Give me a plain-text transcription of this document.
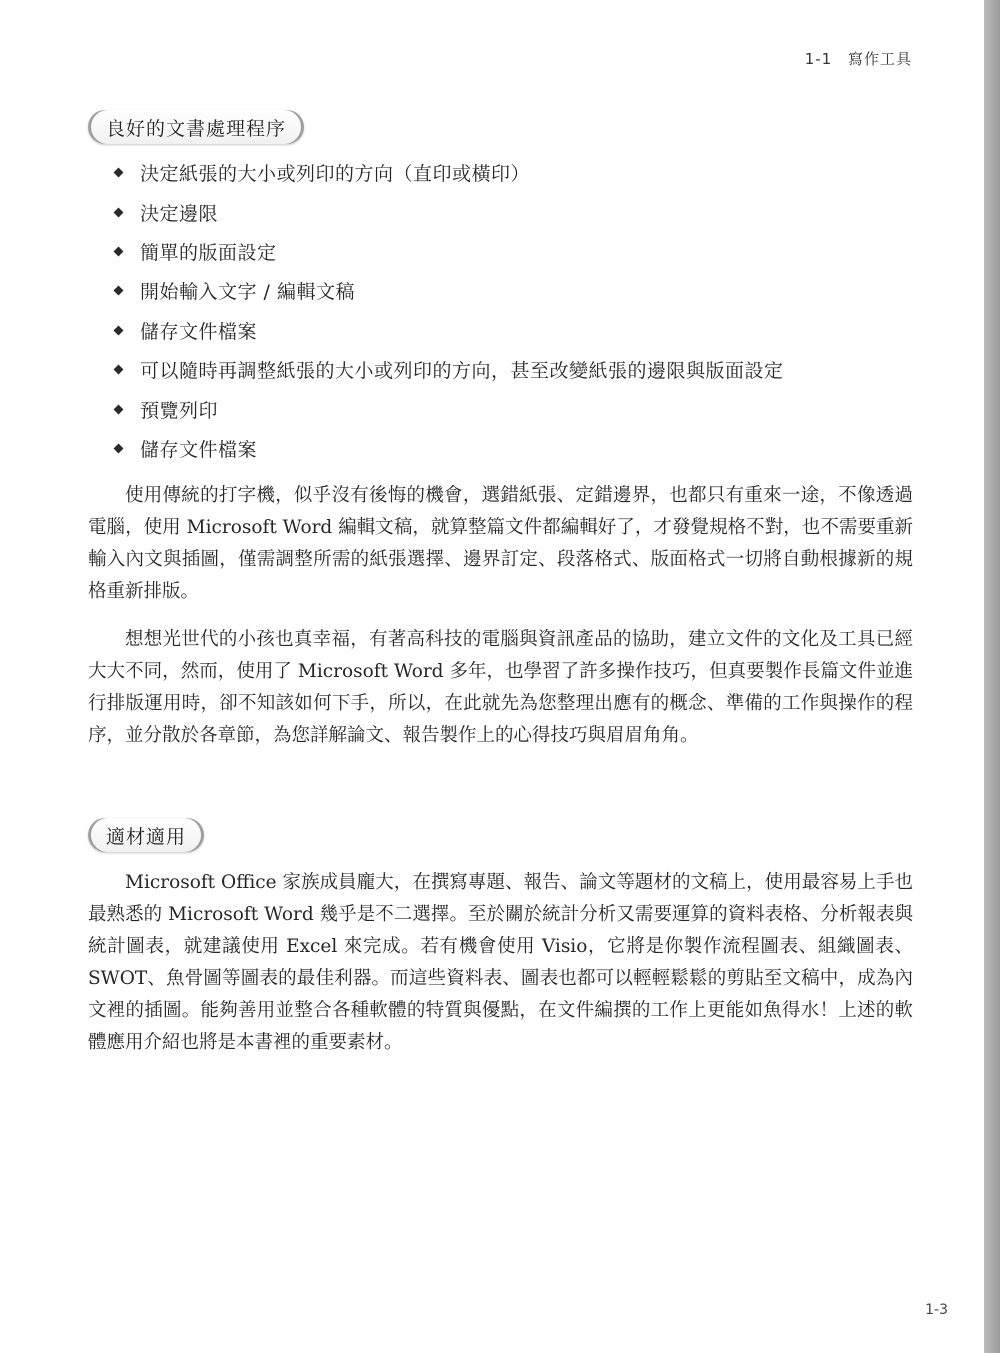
1-1 寫作工具
良好的文書處理程序
決定紙張的大小或列印的方向（直印或橫印）
決定邊限
簡單的版面設定
開始輸入文字 / 編輯文稿
儲存文件檔案
可以隨時再調整紙張的大小或列印的方向，甚至改變紙張的邊限與版面設定
預覽列印
儲存文件檔案

使用傳統的打字機，似乎沒有後悔的機會，選錯紙張、定錯邊界，也都只有重來一途，不像透過電腦，使用 Microsoft Word 編輯文稿，就算整篇文件都編輯好了，才發覺規格不對，也不需要重新輸入內文與插圖，僅需調整所需的紙張選擇、邊界訂定、段落格式、版面格式一切將自動根據新的規格重新排版。

想想光世代的小孩也真幸福，有著高科技的電腦與資訊產品的協助，建立文件的文化及工具已經大大不同，然而，使用了 Microsoft Word 多年，也學習了許多操作技巧，但真要製作長篇文件並進行排版運用時，卻不知該如何下手，所以，在此就先為您整理出應有的概念、準備的工作與操作的程序，並分散於各章節，為您詳解論文、報告製作上的心得技巧與眉眉角角。

適材適用

Microsoft Office 家族成員龐大，在撰寫專題、報告、論文等題材的文稿上，使用最容易上手也最熟悉的 Microsoft Word 幾乎是不二選擇。至於關於統計分析又需要運算的資料表格、分析報表與統計圖表，就建議使用 Excel 來完成。若有機會使用 Visio，它將是你製作流程圖表、組織圖表、SWOT、魚骨圖等圖表的最佳利器。而這些資料表、圖表也都可以輕輕鬆鬆的剪貼至文稿中，成為內文裡的插圖。能夠善用並整合各種軟體的特質與優點，在文件編撰的工作上更能如魚得水！上述的軟體應用介紹也將是本書裡的重要素材。

1-3
